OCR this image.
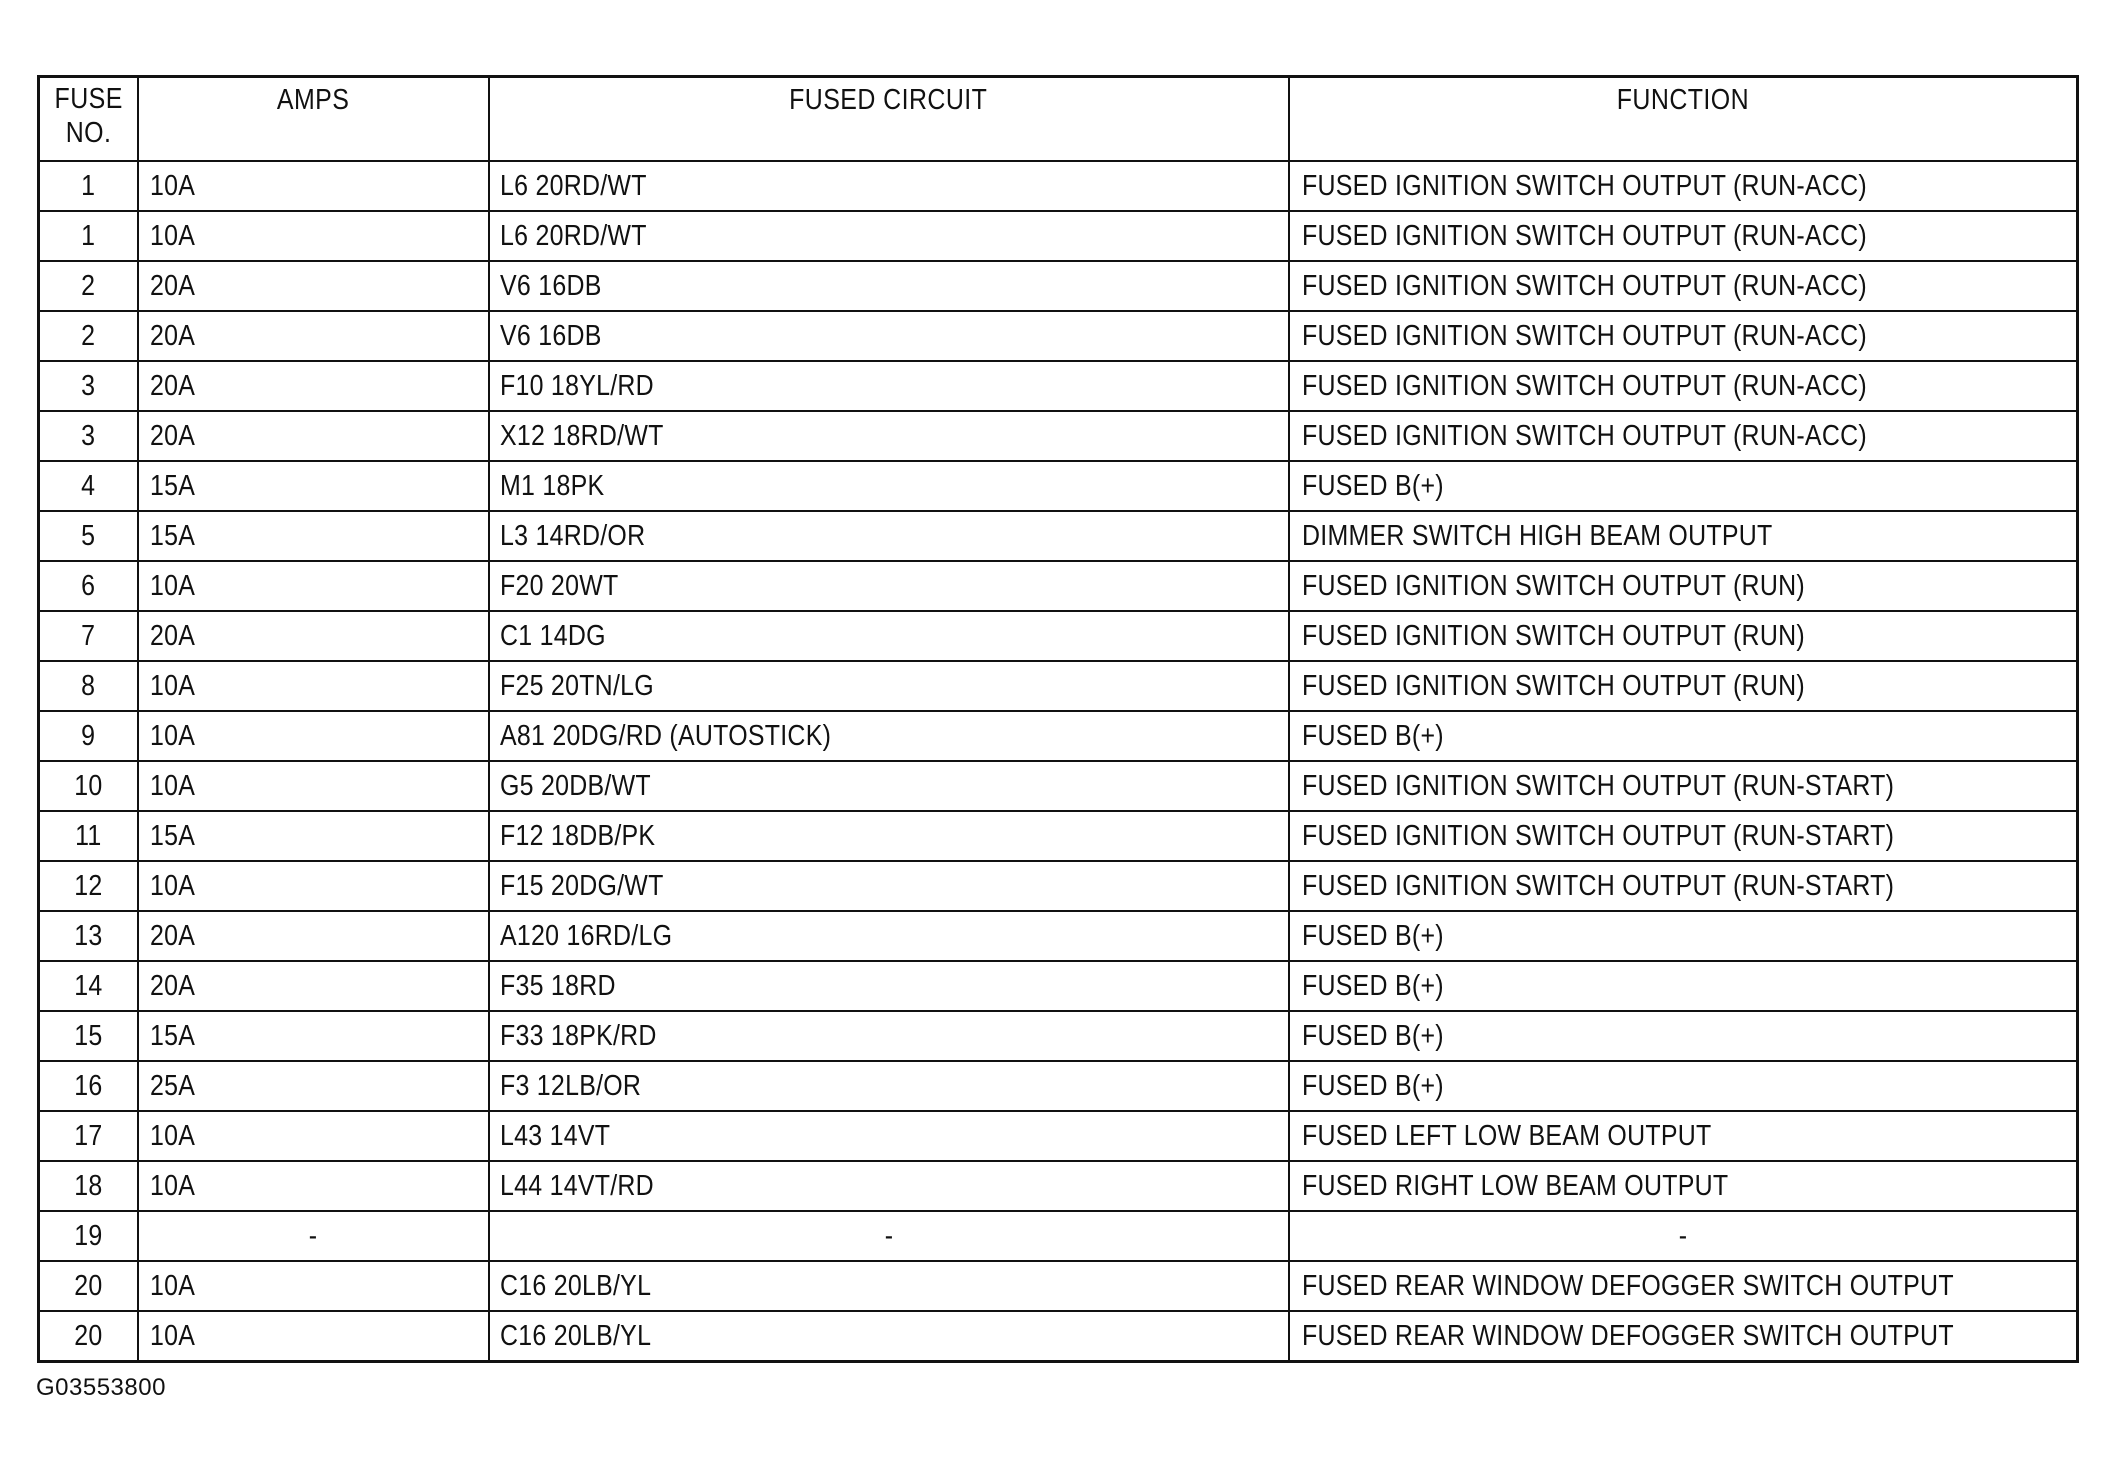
FUSE
NO.	AMPS	FUSED CIRCUIT	FUNCTION
1	10A	L6 20RD/WT	FUSED IGNITION SWITCH OUTPUT (RUN-ACC)
1	10A	L6 20RD/WT	FUSED IGNITION SWITCH OUTPUT (RUN-ACC)
2	20A	V6 16DB	FUSED IGNITION SWITCH OUTPUT (RUN-ACC)
2	20A	V6 16DB	FUSED IGNITION SWITCH OUTPUT (RUN-ACC)
3	20A	F10 18YL/RD	FUSED IGNITION SWITCH OUTPUT (RUN-ACC)
3	20A	X12 18RD/WT	FUSED IGNITION SWITCH OUTPUT (RUN-ACC)
4	15A	M1 18PK	FUSED B(+)
5	15A	L3 14RD/OR	DIMMER SWITCH HIGH BEAM OUTPUT
6	10A	F20 20WT	FUSED IGNITION SWITCH OUTPUT (RUN)
7	20A	C1 14DG	FUSED IGNITION SWITCH OUTPUT (RUN)
8	10A	F25 20TN/LG	FUSED IGNITION SWITCH OUTPUT (RUN)
9	10A	A81 20DG/RD (AUTOSTICK)	FUSED B(+)
10	10A	G5 20DB/WT	FUSED IGNITION SWITCH OUTPUT (RUN-START)
11	15A	F12 18DB/PK	FUSED IGNITION SWITCH OUTPUT (RUN-START)
12	10A	F15 20DG/WT	FUSED IGNITION SWITCH OUTPUT (RUN-START)
13	20A	A120 16RD/LG	FUSED B(+)
14	20A	F35 18RD	FUSED B(+)
15	15A	F33 18PK/RD	FUSED B(+)
16	25A	F3 12LB/OR	FUSED B(+)
17	10A	L43 14VT	FUSED LEFT LOW BEAM OUTPUT
18	10A	L44 14VT/RD	FUSED RIGHT LOW BEAM OUTPUT
19	-	-	-
20	10A	C16 20LB/YL	FUSED REAR WINDOW DEFOGGER SWITCH OUTPUT
20	10A	C16 20LB/YL	FUSED REAR WINDOW DEFOGGER SWITCH OUTPUT
G03553800
